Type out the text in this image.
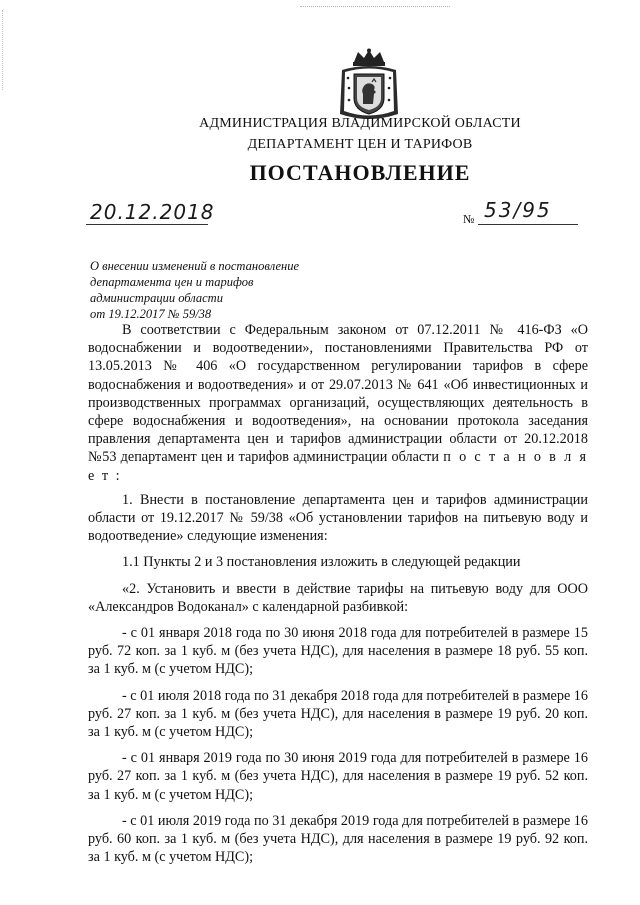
АДМИНИСТРАЦИЯ ВЛАДИМИРСКОЙ ОБЛАСТИ
ДЕПАРТАМЕНТ ЦЕН И ТАРИФОВ
ПОСТАНОВЛЕНИЕ
20.12.2018	№ 53/95
О внесении изменений в постановление
департамента цен и тарифов
администрации области
от 19.12.2017 № 59/38

В соответствии с Федеральным законом от 07.12.2011 № 416-ФЗ «О водоснабжении и водоотведении», постановлениями Правительства РФ от 13.05.2013 № 406 «О государственном регулировании тарифов в сфере водоснабжения и водоотведения» и от 29.07.2013 № 641 «Об инвестиционных и производственных программах организаций, осуществляющих деятельность в сфере водоснабжения и водоотведения», на основании протокола заседания правления департамента цен и тарифов администрации области от 20.12.2018 №53 департамент цен и тарифов администрации области п о с т а н о в л я е т :

1. Внести в постановление департамента цен и тарифов администрации области от 19.12.2017 № 59/38 «Об установлении тарифов на питьевую воду и водоотведение» следующие изменения:

1.1 Пункты 2 и 3 постановления изложить в следующей редакции

«2. Установить и ввести в действие тарифы на питьевую воду для ООО «Александров Водоканал» с календарной разбивкой:

- с 01 января 2018 года по 30 июня 2018 года для потребителей в размере 15 руб. 72 коп. за 1 куб. м (без учета НДС), для населения в размере 18 руб. 55 коп. за 1 куб. м (с учетом НДС);

- с 01 июля 2018 года по 31 декабря 2018 года для потребителей в размере 16 руб. 27 коп. за 1 куб. м (без учета НДС), для населения в размере 19 руб. 20 коп. за 1 куб. м (с учетом НДС);

- с 01 января 2019 года по 30 июня 2019 года для потребителей в размере 16 руб. 27 коп. за 1 куб. м (без учета НДС), для населения в размере 19 руб. 52 коп. за 1 куб. м (с учетом НДС);

- с 01 июля 2019 года по 31 декабря 2019 года для потребителей в размере 16 руб. 60 коп. за 1 куб. м (без учета НДС), для населения в размере 19 руб. 92 коп. за 1 куб. м (с учетом НДС);
